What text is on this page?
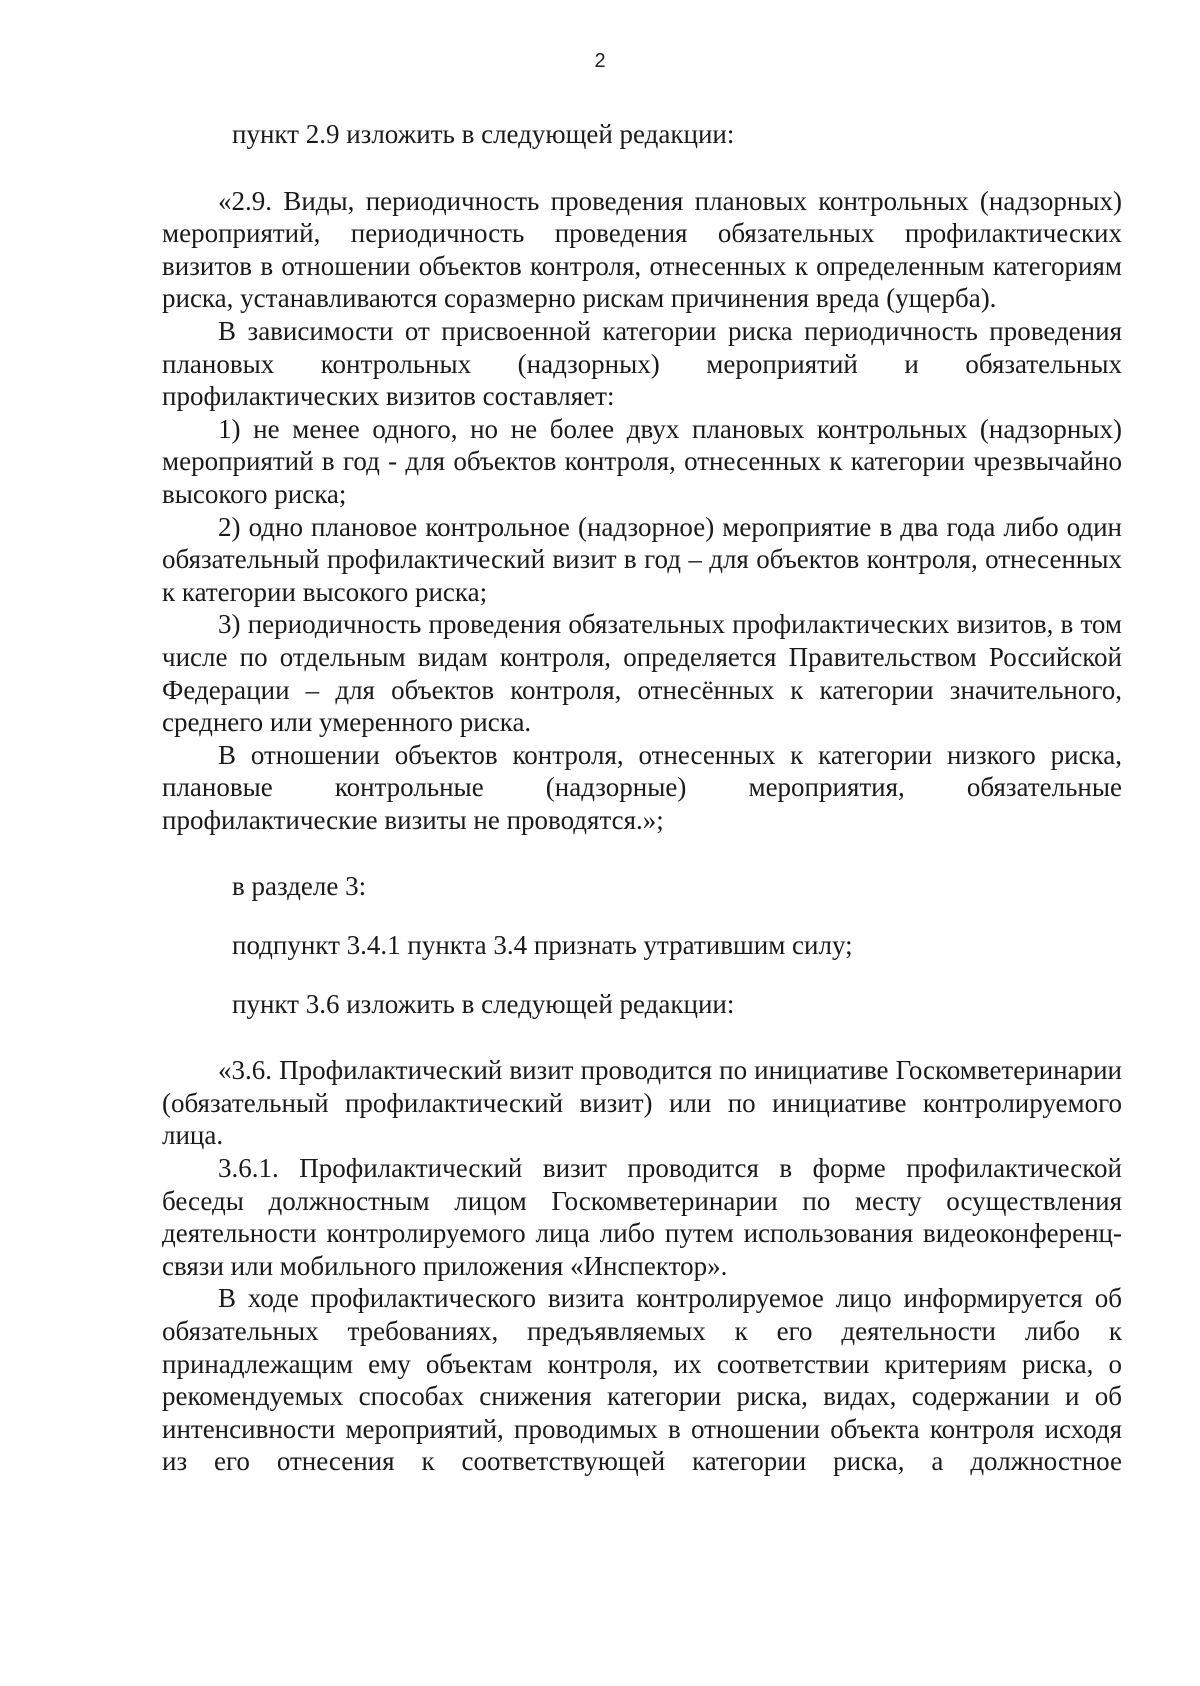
2

пункт 2.9 изложить в следующей редакции:

«2.9. Виды, периодичность проведения плановых контрольных (надзорных) мероприятий, периодичность проведения обязательных профилактических визитов в отношении объектов контроля, отнесенных к определенным категориям риска, устанавливаются соразмерно рискам причинения вреда (ущерба).

В зависимости от присвоенной категории риска периодичность проведения плановых контрольных (надзорных) мероприятий и обязательных профилактических визитов составляет:

1) не менее одного, но не более двух плановых контрольных (надзорных) мероприятий в год - для объектов контроля, отнесенных к категории чрезвычайно высокого риска;

2) одно плановое контрольное (надзорное) мероприятие в два года либо один обязательный профилактический визит в год – для объектов контроля, отнесенных к категории высокого риска;

3) периодичность проведения обязательных профилактических визитов, в том числе по отдельным видам контроля, определяется Правительством Российской Федерации – для объектов контроля, отнесённых к категории значительного, среднего или умеренного риска.

В отношении объектов контроля, отнесенных к категории низкого риска, плановые контрольные (надзорные) мероприятия, обязательные профилактические визиты не проводятся.»;

в разделе 3:

подпункт 3.4.1 пункта 3.4 признать утратившим силу;

пункт 3.6 изложить в следующей редакции:

«3.6. Профилактический визит проводится по инициативе Госкомветеринарии (обязательный профилактический визит) или по инициативе контролируемого лица.

3.6.1. Профилактический визит проводится в форме профилактической беседы должностным лицом Госкомветеринарии по месту осуществления деятельности контролируемого лица либо путем использования видеоконференц-связи или мобильного приложения «Инспектор».

В ходе профилактического визита контролируемое лицо информируется об обязательных требованиях, предъявляемых к его деятельности либо к принадлежащим ему объектам контроля, их соответствии критериям риска, о рекомендуемых способах снижения категории риска, видах, содержании и об интенсивности мероприятий, проводимых в отношении объекта контроля исходя из его отнесения к соответствующей категории риска, а должностное
